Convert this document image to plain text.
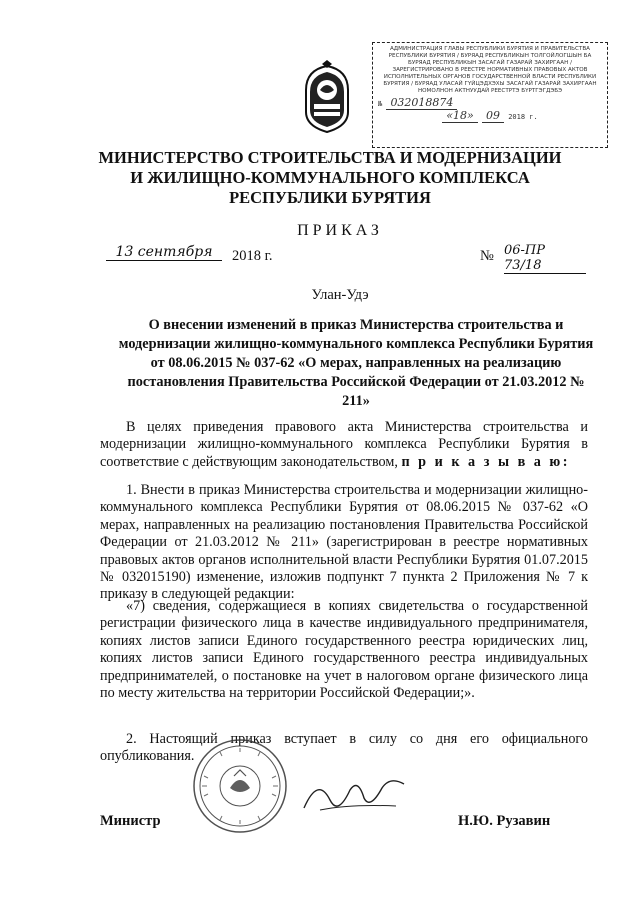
АДМИНИСТРАЦИЯ ГЛАВЫ РЕСПУБЛИКИ БУРЯТИЯ И ПРАВИТЕЛЬСТВА РЕСПУБЛИКИ БУРЯТИЯ / БУРЯАД РЕСПУБЛИКЫН ТОЛГОЙЛОГШЫН БА БУРЯАД РЕСПУБЛИКЫН ЗАСАГАЙ ГАЗАРАЙ ЗАХИРГААН / ЗАРЕГИСТРИРОВАНО В РЕЕСТРЕ НОРМАТИВНЫХ ПРАВОВЫХ АКТОВ ИСПОЛНИТЕЛЬНЫХ ОРГАНОВ ГОСУДАРСТВЕННОЙ ВЛАСТИ РЕСПУБЛИКИ БУРЯТИЯ / БУРЯАД УЛАСАЙ ГҮЙЦЭДХЭХЫ ЗАСАГАЙ ГАЗАРАЙ ЗАХИРГААН НОМОЛНОН АКТНУУДАЙ РЕЕСТРТЭ БҮРТГЭГДЭБЭ
№ 032018874
«18» 09 2018 г.
МИНИСТЕРСТВО СТРОИТЕЛЬСТВА И МОДЕРНИЗАЦИИ
И ЖИЛИЩНО-КОММУНАЛЬНОГО КОМПЛЕКСА
РЕСПУБЛИКИ БУРЯТИЯ
ПРИКАЗ
13 сентября	2018 г.	№ 06-ПР 73/18
Улан-Удэ
О внесении изменений в приказ Министерства строительства и модернизации жилищно-коммунального комплекса Республики Бурятия от 08.06.2015 № 037-62 «О мерах, направленных на реализацию постановления Правительства Российской Федерации от 21.03.2012 № 211»
В целях приведения правового акта Министерства строительства и модернизации жилищно-коммунального комплекса Республики Бурятия в соответствие с действующим законодательством, п р и к а з ы в а ю:
1. Внести в приказ Министерства строительства и модернизации жилищно-коммунального комплекса Республики Бурятия от 08.06.2015 № 037-62 «О мерах, направленных на реализацию постановления Правительства Российской Федерации от 21.03.2012 № 211» (зарегистрирован в реестре нормативных правовых актов органов исполнительной власти Республики Бурятия 01.07.2015 № 032015190) изменение, изложив подпункт 7 пункта 2 Приложения № 7 к приказу в следующей редакции:
«7) сведения, содержащиеся в копиях свидетельства о государственной регистрации физического лица в качестве индивидуального предпринимателя, копиях листов записи Единого государственного реестра юридических лиц, копиях листов записи Единого государственного реестра индивидуальных предпринимателей, о постановке на учет в налоговом органе физического лица по месту жительства на территории Российской Федерации;».
2. Настоящий приказ вступает в силу со дня его официального опубликования.
Министр	Н.Ю. Рузавин
